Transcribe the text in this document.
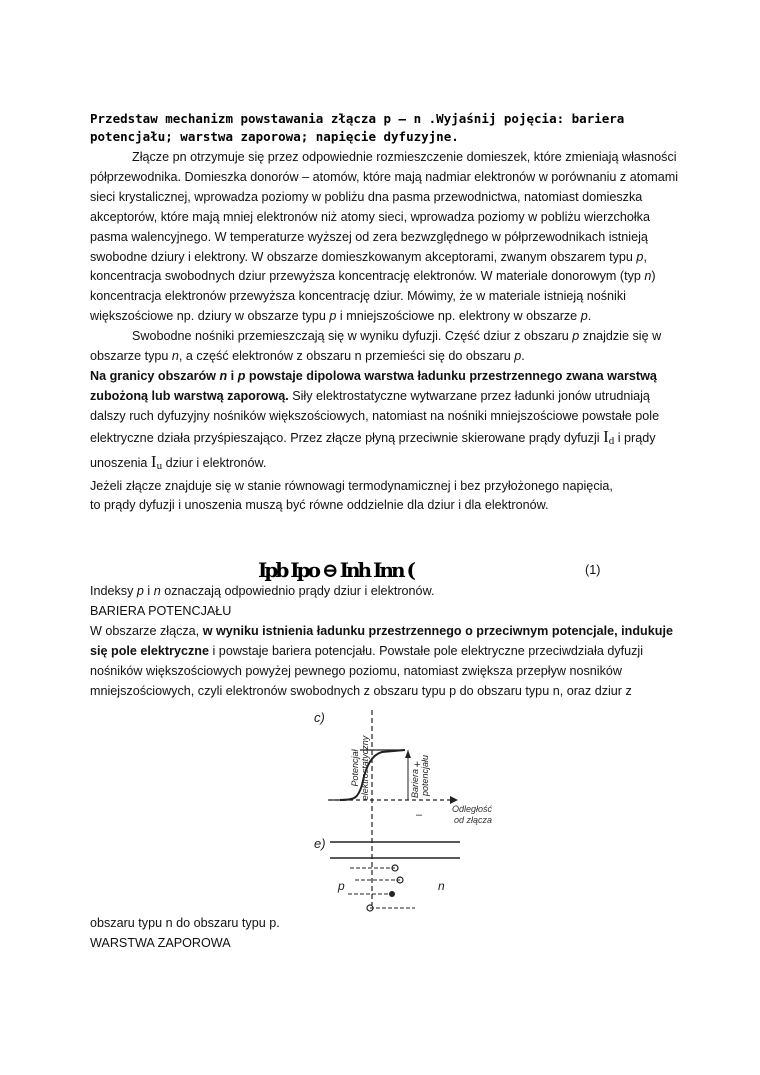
Przedstaw mechanizm powstawania złącza p – n .Wyjaśnij pojęcia: bariera potencjału; warstwa zaporowa; napięcie dyfuzyjne.

Złącze pn otrzymuje się przez odpowiednie rozmieszczenie domieszek, które zmieniają własności półprzewodnika. Domieszka donorów – atomów, które mają nadmiar elektronów w porównaniu z atomami sieci krystalicznej, wprowadza poziomy w pobliżu dna pasma przewodnictwa, natomiast domieszka akceptorów, które mają mniej elektronów niż atomy sieci, wprowadza poziomy w pobliżu wierzchołka pasma walencyjnego. W temperaturze wyższej od zera bezwzględnego w półprzewodnikach istnieją swobodne dziury i elektrony. W obszarze domieszkowanym akceptorami, zwanym obszarem typu p, koncentracja swobodnych dziur przewyższa koncentrację elektronów. W materiale donorowym (typ n) koncentracja elektronów przewyższa koncentrację dziur. Mówimy, że w materiale istnieją nośniki większościowe np. dziury w obszarze typu p i mniejszościowe np. elektrony w obszarze p.

Swobodne nośniki przemieszczają się w wyniku dyfuzji. Część dziur z obszaru p znajdzie się w obszarze typu n, a część elektronów z obszaru n przemieści się do obszaru p.

Na granicy obszarów n i p powstaje dipolowa warstwa ładunku przestrzennego zwana warstwą zubożoną lub warstwą zaporową. Siły elektrostatyczne wytwarzane przez ładunki jonów utrudniają dalszy ruch dyfuzyjny nośników większościowych, natomiast na nośniki mniejszościowe powstałe pole elektryczne działa przyśpieszająco. Przez złącze płyną przeciwnie skierowane prądy dyfuzji $I_d$ i prądy unoszenia $I_u$ dziur i elektronów.

Jeżeli złącze znajduje się w stanie równowagi termodynamicznej i bez przyłożonego napięcia,

to prądy dyfuzji i unoszenia muszą być równe oddzielnie dla dziur i dla elektronów.

Ipb Ipo ⊖ Inh Inn (	(1)

Indeksy p i n oznaczają odpowiednio prądy dziur i elektronów.

BARIERA POTENCJAŁU

W obszarze złącza, w wyniku istnienia ładunku przestrzennego o przeciwnym potencjale, indukuje się pole elektryczne i powstaje bariera potencjału. Powstałe pole elektryczne przeciwdziała dyfuzji nośników większościowych powyżej pewnego poziomu, natomiast zwiększa przepływ nosników mniejszościowych, czyli elektronów swobodnych z obszaru typu p do obszaru typu n, oraz dziur z

c)
Potencjał elektrostatyczny	Bariera potencjału
+
–	Odległość
od złącza
e)
p	n

obszaru typu n do obszaru typu p.

WARSTWA ZAPOROWA
